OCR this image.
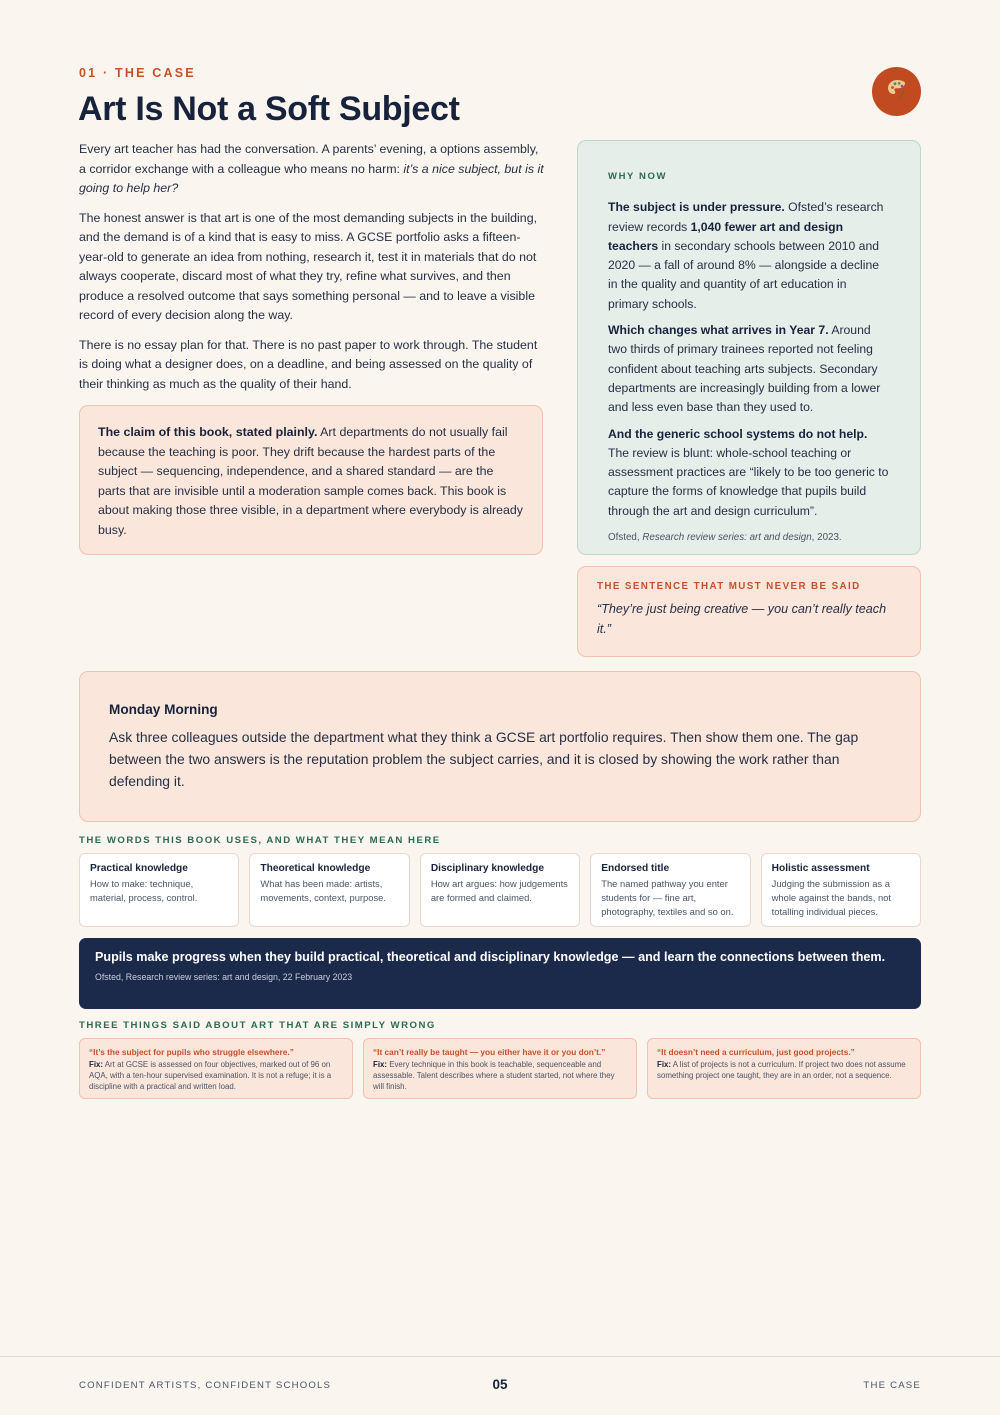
01 · THE CASE
Art Is Not a Soft Subject

Every art teacher has had the conversation. A parents’ evening, a options assembly, a corridor exchange with a colleague who means no harm: it’s a nice subject, but is it going to help her?

The honest answer is that art is one of the most demanding subjects in the building, and the demand is of a kind that is easy to miss. A GCSE portfolio asks a fifteen-year-old to generate an idea from nothing, research it, test it in materials that do not always cooperate, discard most of what they try, refine what survives, and then produce a resolved outcome that says something personal — and to leave a visible record of every decision along the way.

There is no essay plan for that. There is no past paper to work through. The student is doing what a designer does, on a deadline, and being assessed on the quality of their thinking as much as the quality of their hand.

The claim of this book, stated plainly. Art departments do not usually fail because the teaching is poor. They drift because the hardest parts of the subject — sequencing, independence, and a shared standard — are the parts that are invisible until a moderation sample comes back. This book is about making those three visible, in a department where everybody is already busy.
WHY NOW

The subject is under pressure. Ofsted’s research review records 1,040 fewer art and design teachers in secondary schools between 2010 and 2020 — a fall of around 8% — alongside a decline in the quality and quantity of art education in primary schools.

Which changes what arrives in Year 7. Around two thirds of primary trainees reported not feeling confident about teaching arts subjects. Secondary departments are increasingly building from a lower and less even base than they used to.

And the generic school systems do not help. The review is blunt: whole-school teaching or assessment practices are “likely to be too generic to capture the forms of knowledge that pupils build through the art and design curriculum”.

Ofsted, Research review series: art and design, 2023.
THE SENTENCE THAT MUST NEVER BE SAID
“They’re just being creative — you can’t really teach it.”
Monday Morning
Ask three colleagues outside the department what they think a GCSE art portfolio requires. Then show them one. The gap between the two answers is the reputation problem the subject carries, and it is closed by showing the work rather than defending it.
THE WORDS THIS BOOK USES, AND WHAT THEY MEAN HERE
Practical knowledge
How to make: technique, material, process, control.
Theoretical knowledge
What has been made: artists, movements, context, purpose.
Disciplinary knowledge
How art argues: how judgements are formed and claimed.
Endorsed title
The named pathway you enter students for — fine art, photography, textiles and so on.
Holistic assessment
Judging the submission as a whole against the bands, not totalling individual pieces.
Pupils make progress when they build practical, theoretical and disciplinary knowledge — and learn the connections between them.
Ofsted, Research review series: art and design, 22 February 2023
THREE THINGS SAID ABOUT ART THAT ARE SIMPLY WRONG
“It’s the subject for pupils who struggle elsewhere.”
Fix: Art at GCSE is assessed on four objectives, marked out of 96 on AQA, with a ten-hour supervised examination. It is not a refuge; it is a discipline with a practical and written load.
“It can’t really be taught — you either have it or you don’t.”
Fix: Every technique in this book is teachable, sequenceable and assessable. Talent describes where a student started, not where they will finish.
“It doesn’t need a curriculum, just good projects.”
Fix: A list of projects is not a curriculum. If project two does not assume something project one taught, they are in an order, not a sequence.
CONFIDENT ARTISTS, CONFIDENT SCHOOLS	05	THE CASE
